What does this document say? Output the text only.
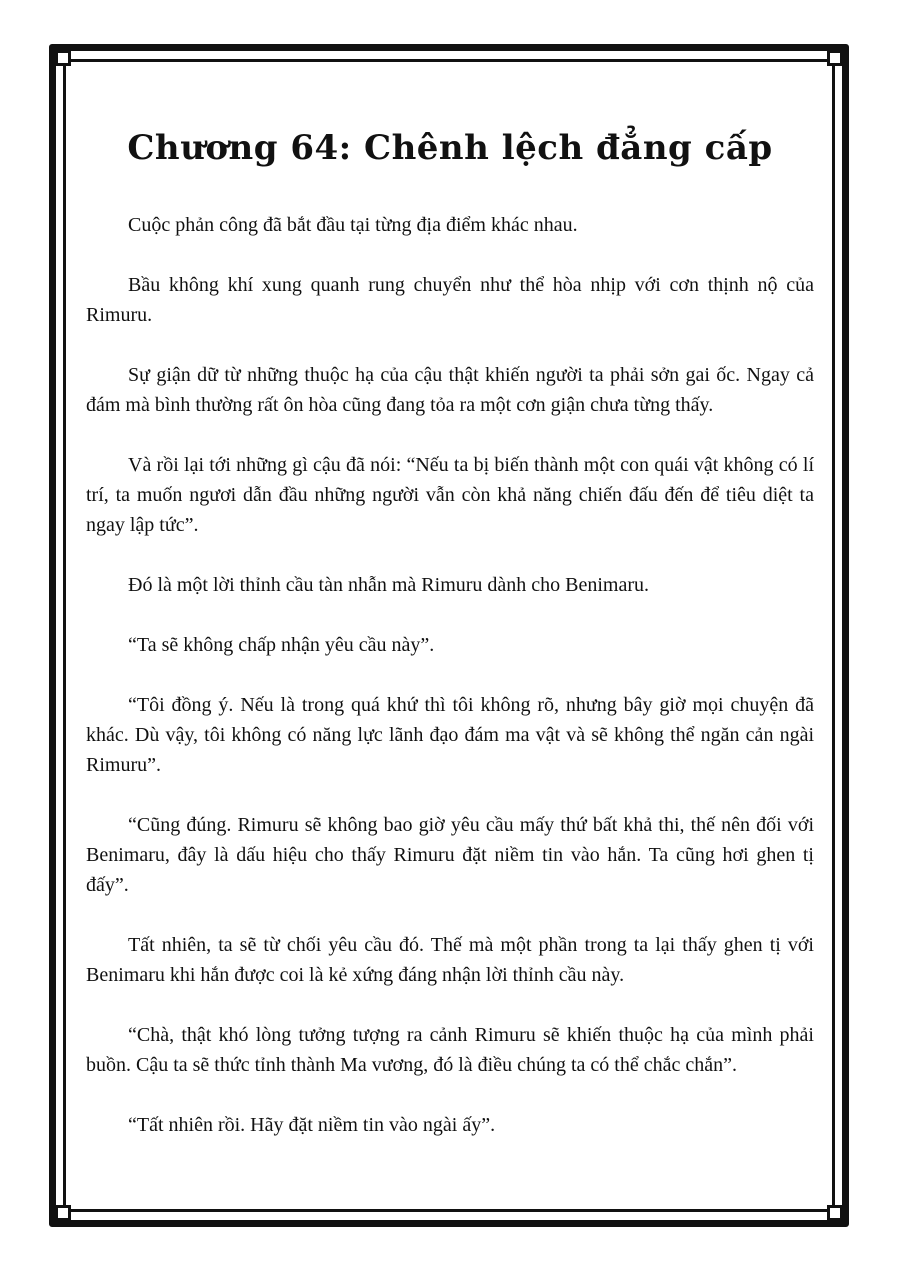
Chương 64: Chênh lệch đẳng cấp

Cuộc phản công đã bắt đầu tại từng địa điểm khác nhau.

Bầu không khí xung quanh rung chuyển như thể hòa nhịp với cơn thịnh nộ của Rimuru.

Sự giận dữ từ những thuộc hạ của cậu thật khiến người ta phải sởn gai ốc. Ngay cả đám mà bình thường rất ôn hòa cũng đang tỏa ra một cơn giận chưa từng thấy.

Và rồi lại tới những gì cậu đã nói: “Nếu ta bị biến thành một con quái vật không có lí trí, ta muốn ngươi dẫn đầu những người vẫn còn khả năng chiến đấu đến để tiêu diệt ta ngay lập tức”.

Đó là một lời thỉnh cầu tàn nhẫn mà Rimuru dành cho Benimaru.

“Ta sẽ không chấp nhận yêu cầu này”.

“Tôi đồng ý. Nếu là trong quá khứ thì tôi không rõ, nhưng bây giờ mọi chuyện đã khác. Dù vậy, tôi không có năng lực lãnh đạo đám ma vật và sẽ không thể ngăn cản ngài Rimuru”.

“Cũng đúng. Rimuru sẽ không bao giờ yêu cầu mấy thứ bất khả thi, thế nên đối với Benimaru, đây là dấu hiệu cho thấy Rimuru đặt niềm tin vào hắn. Ta cũng hơi ghen tị đấy”.

Tất nhiên, ta sẽ từ chối yêu cầu đó. Thế mà một phần trong ta lại thấy ghen tị với Benimaru khi hắn được coi là kẻ xứng đáng nhận lời thỉnh cầu này.

“Chà, thật khó lòng tưởng tượng ra cảnh Rimuru sẽ khiến thuộc hạ của mình phải buồn. Cậu ta sẽ thức tỉnh thành Ma vương, đó là điều chúng ta có thể chắc chắn”.

“Tất nhiên rồi. Hãy đặt niềm tin vào ngài ấy”.
